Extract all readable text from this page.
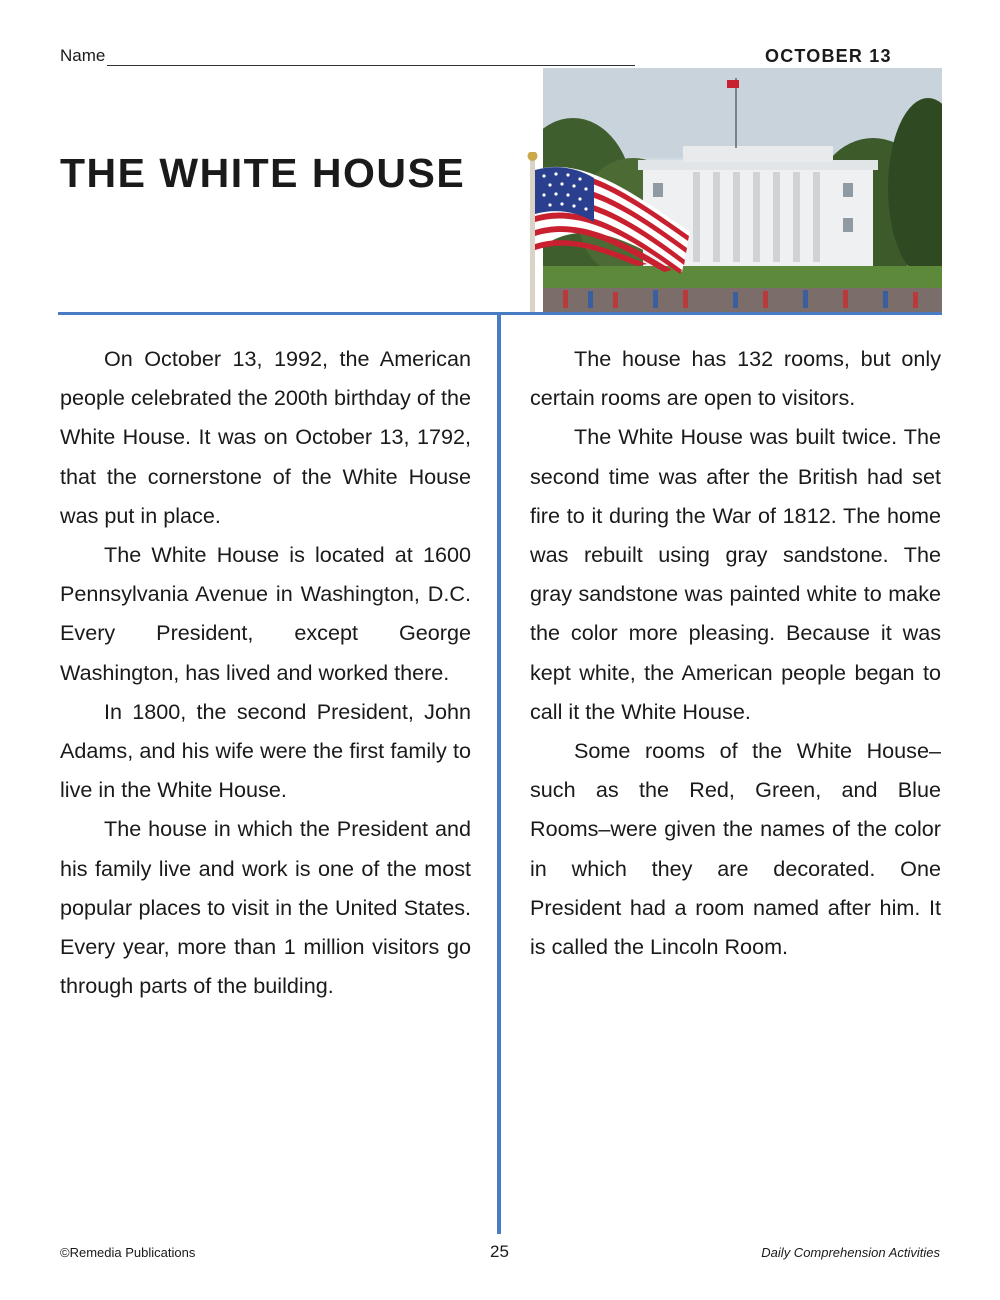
Name	OCTOBER 13
THE WHITE HOUSE

On October 13, 1992, the American people celebrated the 200th birthday of the White House. It was on October 13, 1792, that the cornerstone of the White House was put in place.

The White House is located at 1600 Pennsylvania Avenue in Washington, D.C. Every President, except George Washington, has lived and worked there.

In 1800, the second President, John Adams, and his wife were the first family to live in the White House.

The house in which the President and his family live and work is one of the most popular places to visit in the United States. Every year, more than 1 million visitors go through parts of the building.

The house has 132 rooms, but only certain rooms are open to visitors.

The White House was built twice. The second time was after the British had set fire to it during the War of 1812. The home was rebuilt using gray sandstone. The gray sandstone was painted white to make the color more pleasing. Because it was kept white, the American people began to call it the White House.

Some rooms of the White House–such as the Red, Green, and Blue Rooms–were given the names of the color in which they are decorated. One President had a room named after him. It is called the Lincoln Room.

©Remedia Publications	25	Daily Comprehension Activities
